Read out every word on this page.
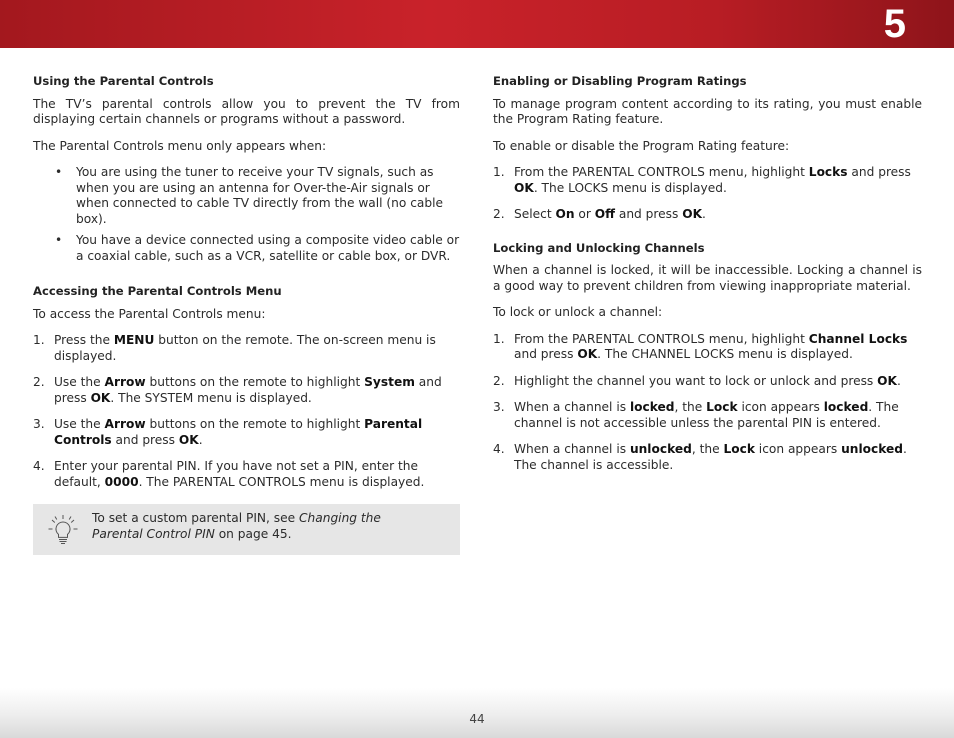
5
Using the Parental Controls

The TV’s parental controls allow you to prevent the TV from displaying certain channels or programs without a password.

The Parental Controls menu only appears when:

• You are using the tuner to receive your TV signals, such as when you are using an antenna for Over-the-Air signals or when connected to cable TV directly from the wall (no cable box).
• You have a device connected using a composite video cable or a coaxial cable, such as a VCR, satellite or cable box, or DVR.
Accessing the Parental Controls Menu

To access the Parental Controls menu:

1. Press the MENU button on the remote. The on-screen menu is displayed.
2. Use the Arrow buttons on the remote to highlight System and press OK. The SYSTEM menu is displayed.
3. Use the Arrow buttons on the remote to highlight Parental Controls and press OK.
4. Enter your parental PIN. If you have not set a PIN, enter the default, 0000. The PARENTAL CONTROLS menu is displayed.
To set a custom parental PIN, see Changing the Parental Control PIN on page 45.
Enabling or Disabling Program Ratings

To manage program content according to its rating, you must enable the Program Rating feature.

To enable or disable the Program Rating feature:

1. From the PARENTAL CONTROLS menu, highlight Locks and press OK. The LOCKS menu is displayed.
2. Select On or Off and press OK.
Locking and Unlocking Channels

When a channel is locked, it will be inaccessible. Locking a channel is a good way to prevent children from viewing inappropriate material.

To lock or unlock a channel:

1. From the PARENTAL CONTROLS menu, highlight Channel Locks and press OK. The CHANNEL LOCKS menu is displayed.
2. Highlight the channel you want to lock or unlock and press OK.
3. When a channel is locked, the Lock icon appears locked. The channel is not accessible unless the parental PIN is entered.
4. When a channel is unlocked, the Lock icon appears unlocked. The channel is accessible.
44
